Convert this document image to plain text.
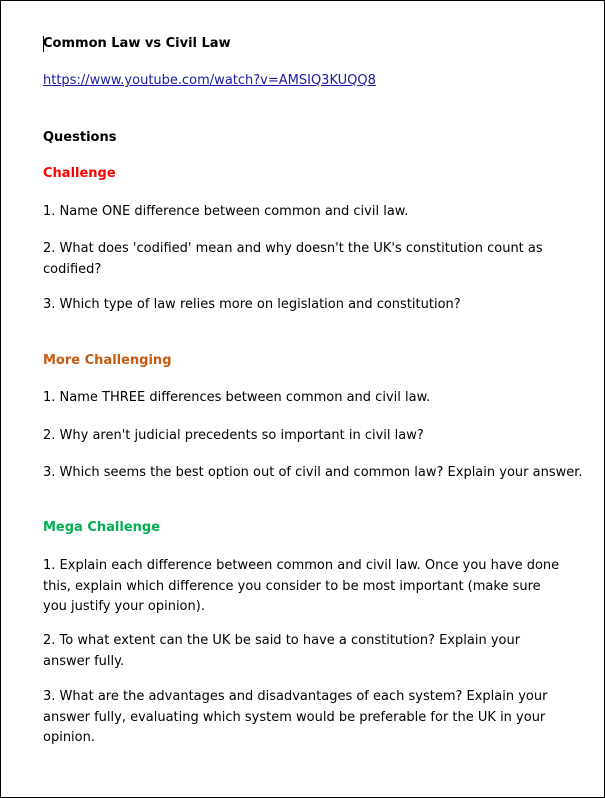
Common Law vs Civil Law

https://www.youtube.com/watch?v=AMSIQ3KUQQ8

Questions

Challenge

1. Name ONE difference between common and civil law.

2. What does 'codified' mean and why doesn't the UK's constitution count as codified?

3. Which type of law relies more on legislation and constitution?

More Challenging

1. Name THREE differences between common and civil law.

2. Why aren't judicial precedents so important in civil law?

3. Which seems the best option out of civil and common law? Explain your answer.

Mega Challenge

1. Explain each difference between common and civil law. Once you have done this, explain which difference you consider to be most important (make sure you justify your opinion).

2. To what extent can the UK be said to have a constitution? Explain your answer fully.

3. What are the advantages and disadvantages of each system? Explain your answer fully, evaluating which system would be preferable for the UK in your opinion.
